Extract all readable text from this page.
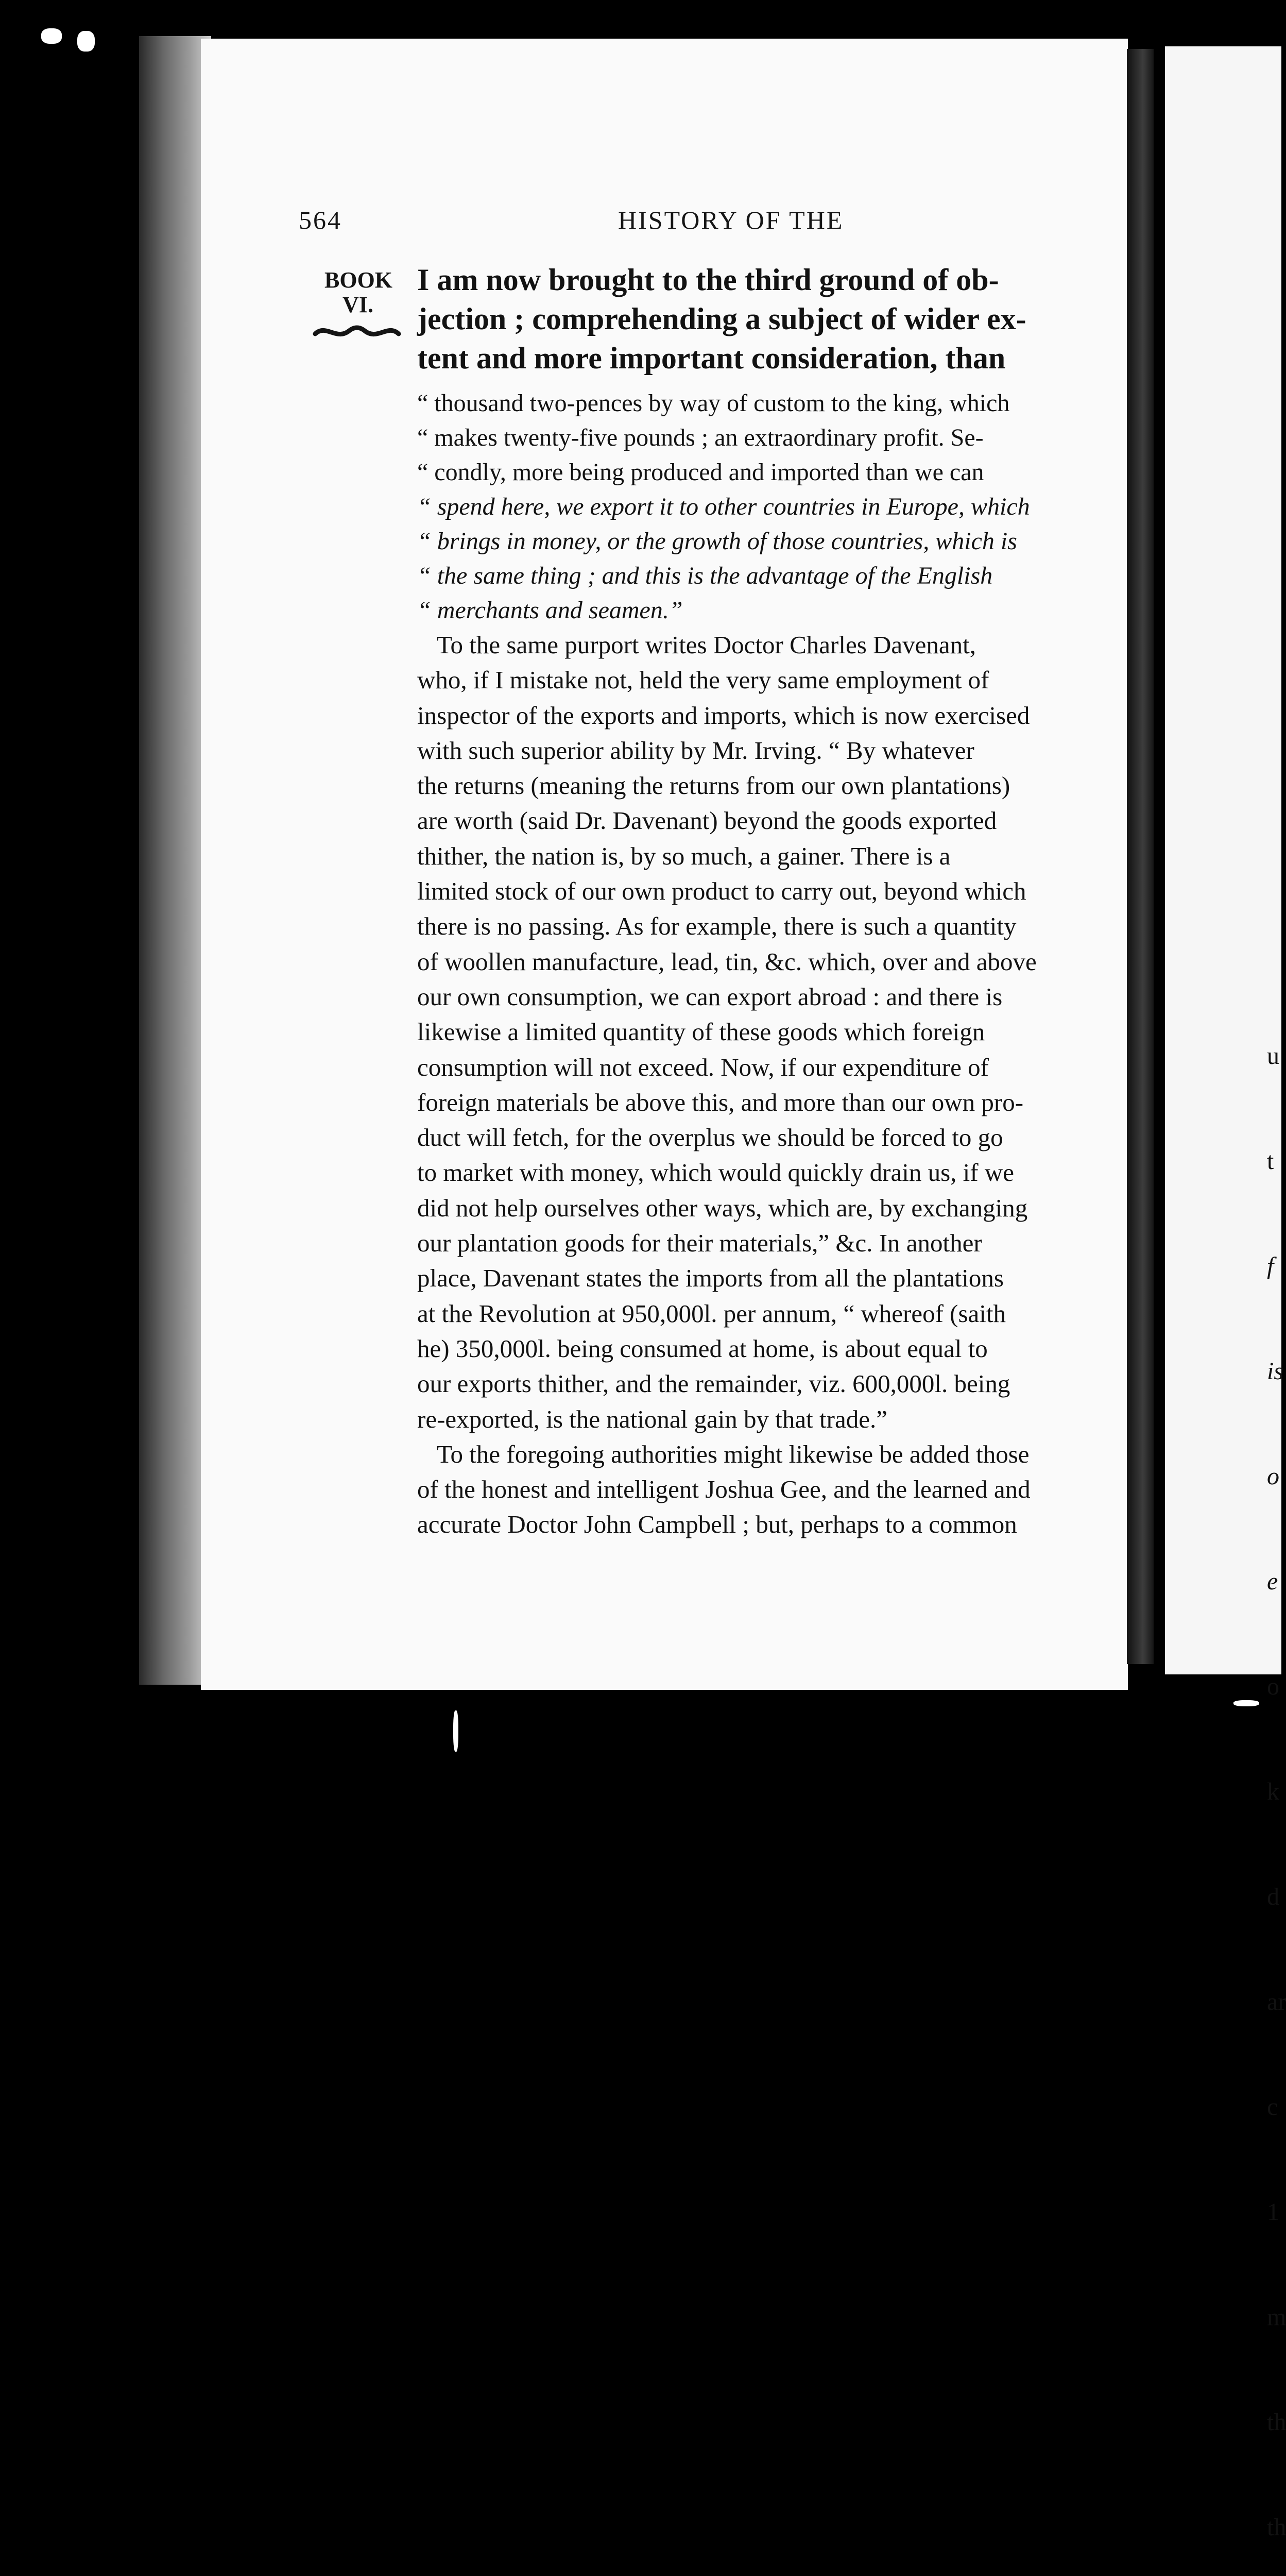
564	HISTORY OF THE
BOOK
VI.
I am now brought to the third ground of ob-
jection ; comprehending a subject of wider ex-
tent and more important consideration, than
“ thousand two-pences by way of custom to the king, which
“ makes twenty-five pounds ; an extraordinary profit. Se-
“ condly, more being produced and imported than we can
“ spend here, we export it to other countries in Europe, which
“ brings in money, or the growth of those countries, which is
“ the same thing ; and this is the advantage of the English
“ merchants and seamen.”
To the same purport writes Doctor Charles Davenant,
who, if I mistake not, held the very same employment of
inspector of the exports and imports, which is now exercised
with such superior ability by Mr. Irving. “ By whatever
the returns (meaning the returns from our own plantations)
are worth (said Dr. Davenant) beyond the goods exported
thither, the nation is, by so much, a gainer. There is a
limited stock of our own product to carry out, beyond which
there is no passing. As for example, there is such a quantity
of woollen manufacture, lead, tin, &c. which, over and above
our own consumption, we can export abroad : and there is
likewise a limited quantity of these goods which foreign
consumption will not exceed. Now, if our expenditure of
foreign materials be above this, and more than our own pro-
duct will fetch, for the overplus we should be forced to go
to market with money, which would quickly drain us, if we
did not help ourselves other ways, which are, by exchanging
our plantation goods for their materials,” &c. In another
place, Davenant states the imports from all the plantations
at the Revolution at 950,000l. per annum, “ whereof (saith
he) 350,000l. being consumed at home, is about equal to
our exports thither, and the remainder, viz. 600,000l. being
re-exported, is the national gain by that trade.”
To the foregoing authorities might likewise be added those
of the honest and intelligent Joshua Gee, and the learned and
accurate Doctor John Campbell ; but, perhaps to a common

u

t

f

is

o

e

o

k

d

ar

c

1

m

th

th
